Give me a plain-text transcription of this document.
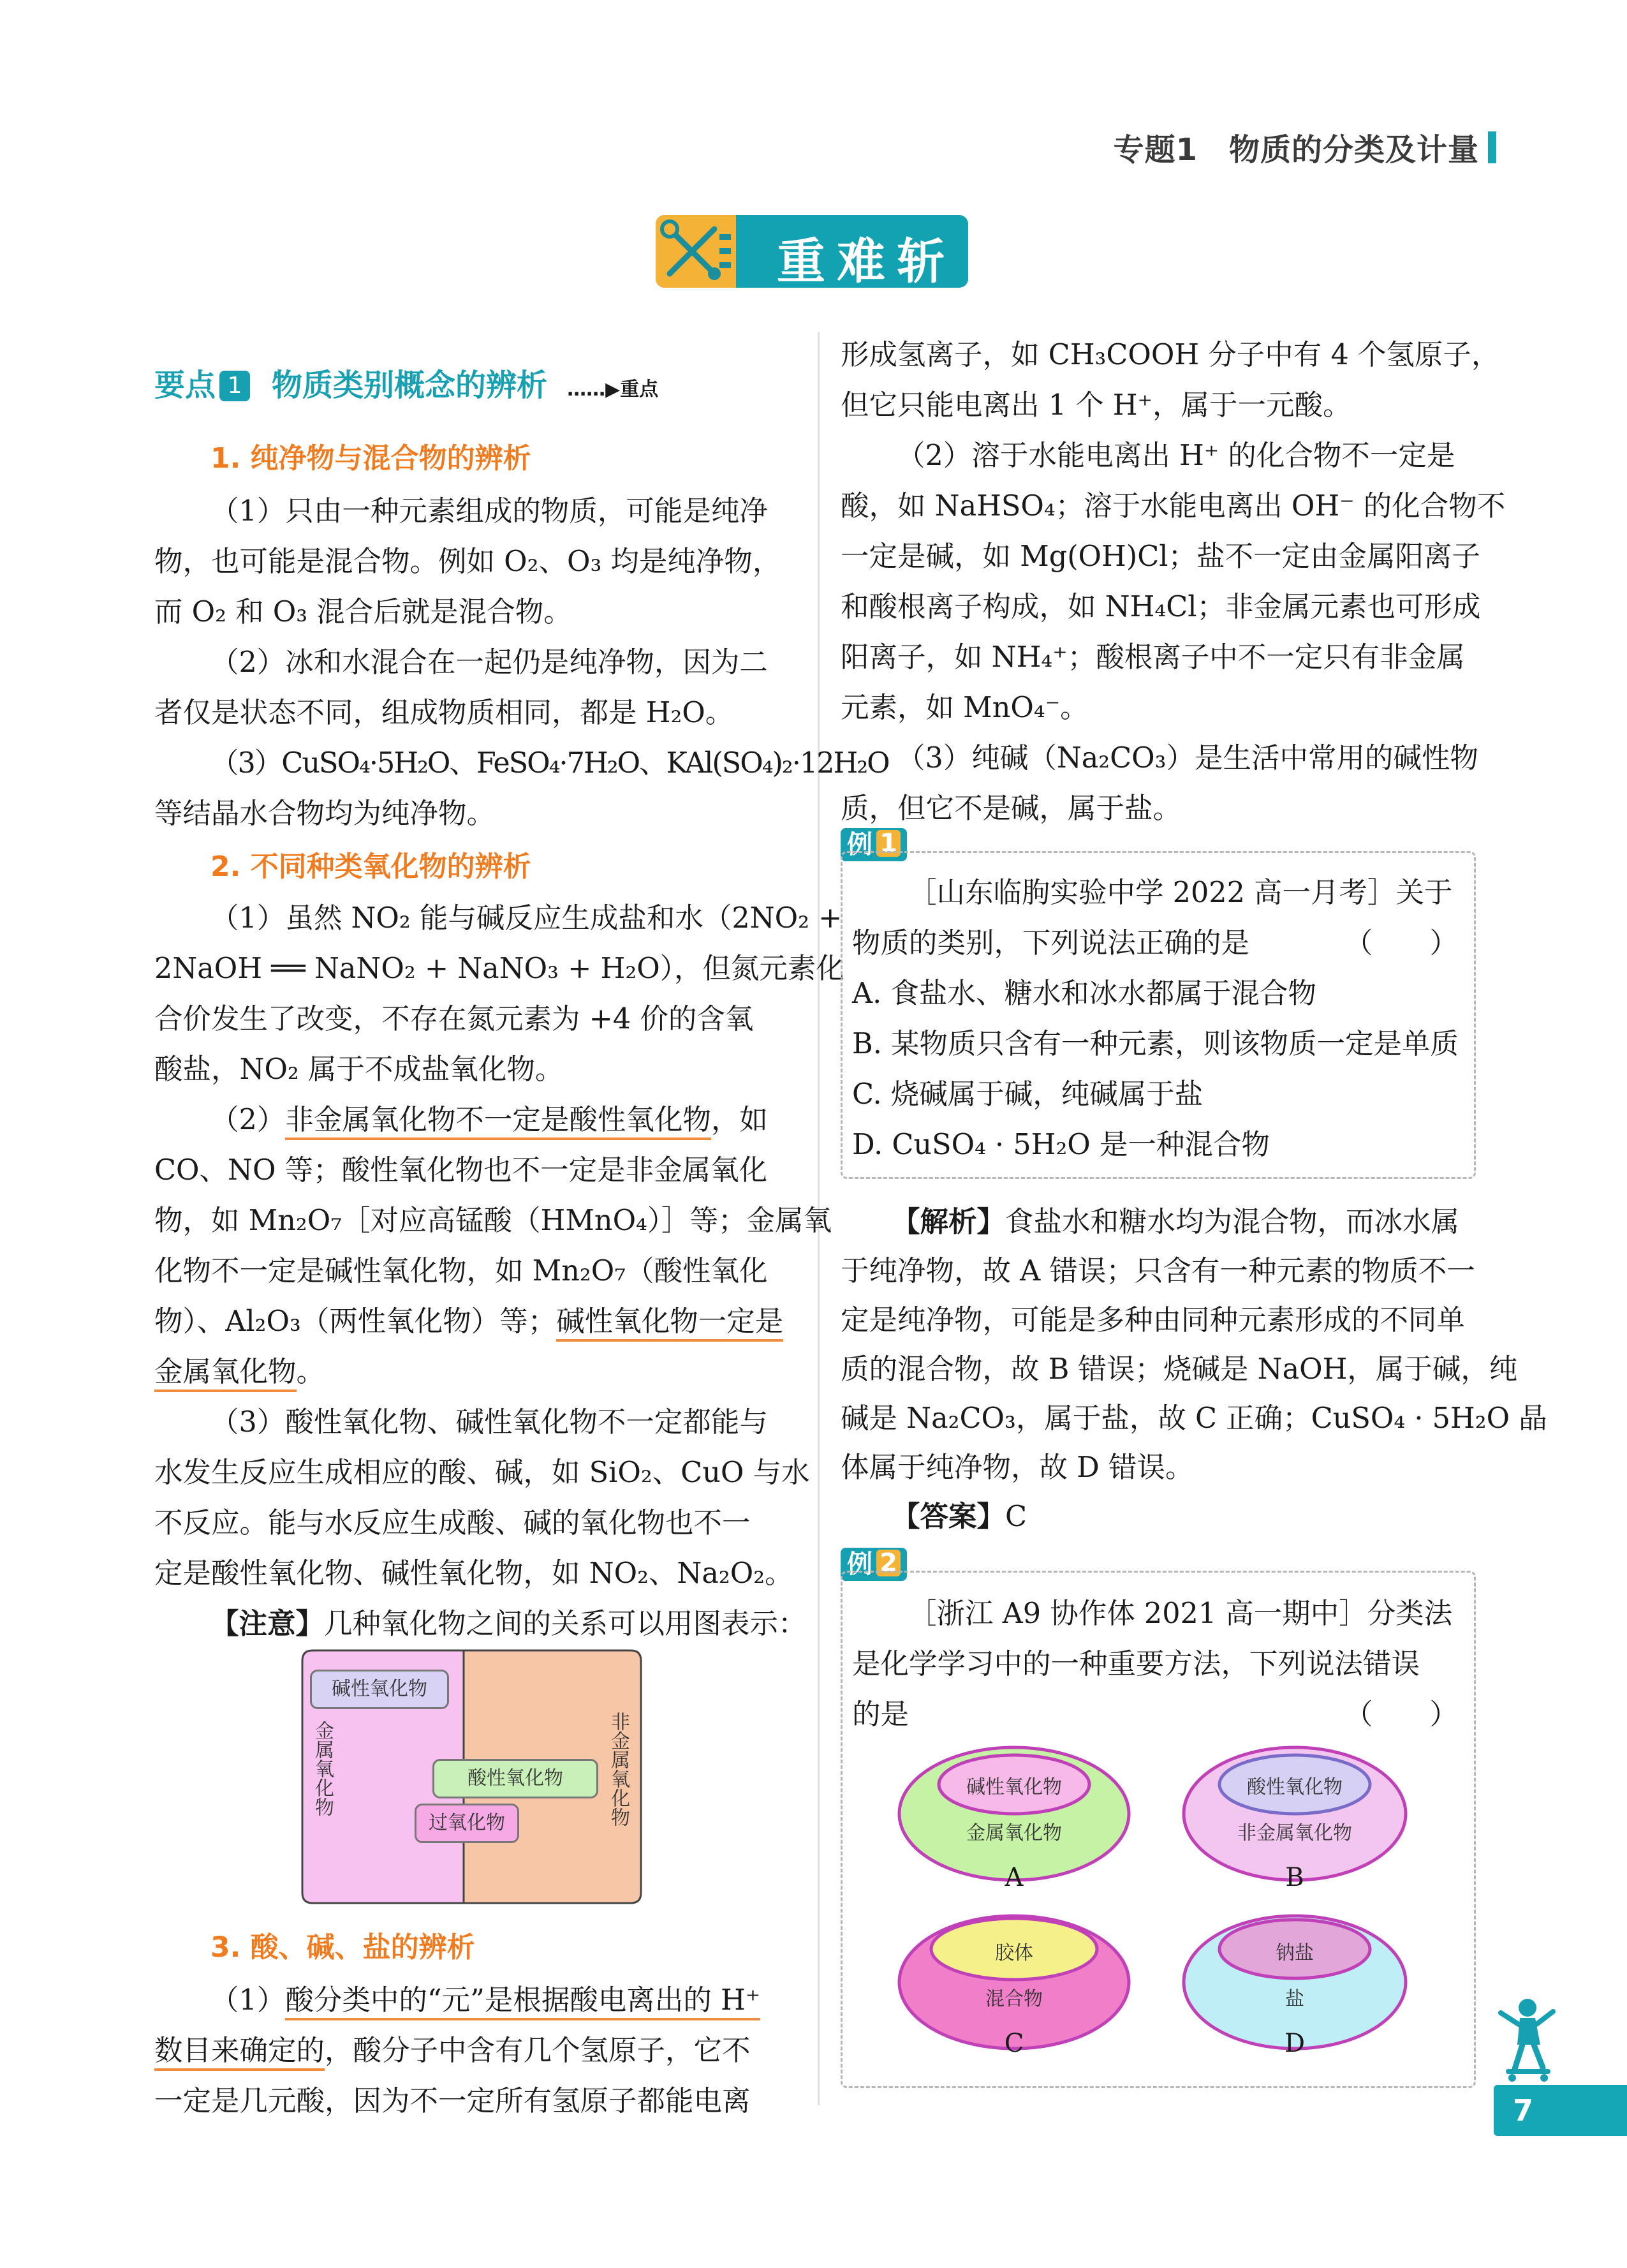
专题1　物质的分类及计量
重难斩
要点 1 物质类别概念的辨析 ……▶重点
1. 纯净物与混合物的辨析
（1）只由一种元素组成的物质，可能是纯净
物，也可能是混合物。例如 O₂、O₃ 均是纯净物，
而 O₂ 和 O₃ 混合后就是混合物。
（2）冰和水混合在一起仍是纯净物，因为二
者仅是状态不同，组成物质相同，都是 H₂O。
（3）CuSO₄·5H₂O、FeSO₄·7H₂O、KAl(SO₄)₂·12H₂O
等结晶水合物均为纯净物。
2. 不同种类氧化物的辨析
（1）虽然 NO₂ 能与碱反应生成盐和水（2NO₂ +
2NaOH ══ NaNO₂ + NaNO₃ + H₂O），但氮元素化
合价发生了改变，不存在氮元素为 +4 价的含氧
酸盐，NO₂ 属于不成盐氧化物。
（2）非金属氧化物不一定是酸性氧化物，如
CO、NO 等；酸性氧化物也不一定是非金属氧化
物，如 Mn₂O₇［对应高锰酸（HMnO₄）］等；金属氧
化物不一定是碱性氧化物，如 Mn₂O₇（酸性氧化
物）、Al₂O₃（两性氧化物）等；碱性氧化物一定是
金属氧化物。
（3）酸性氧化物、碱性氧化物不一定都能与
水发生反应生成相应的酸、碱，如 SiO₂、CuO 与水
不反应。能与水反应生成酸、碱的氧化物也不一
定是酸性氧化物、碱性氧化物，如 NO₂、Na₂O₂。
【注意】几种氧化物之间的关系可以用图表示：
碱性氧化物
酸性氧化物
过氧化物
金属氧化物	非金属氧化物
3. 酸、碱、盐的辨析
（1）酸分类中的“元”是根据酸电离出的 H⁺
数目来确定的，酸分子中含有几个氢原子，它不
一定是几元酸，因为不一定所有氢原子都能电离
形成氢离子，如 CH₃COOH 分子中有 4 个氢原子，
但它只能电离出 1 个 H⁺，属于一元酸。
（2）溶于水能电离出 H⁺ 的化合物不一定是
酸，如 NaHSO₄；溶于水能电离出 OH⁻ 的化合物不
一定是碱，如 Mg(OH)Cl；盐不一定由金属阳离子
和酸根离子构成，如 NH₄Cl；非金属元素也可形成
阳离子，如 NH₄⁺；酸根离子中不一定只有非金属
元素，如 MnO₄⁻。
（3）纯碱（Na₂CO₃）是生活中常用的碱性物
质，但它不是碱，属于盐。
例 1
［山东临朐实验中学 2022 高一月考］关于
物质的类别，下列说法正确的是	（　　）
A. 食盐水、糖水和冰水都属于混合物
B. 某物质只含有一种元素，则该物质一定是单质
C. 烧碱属于碱，纯碱属于盐
D. CuSO₄ · 5H₂O 是一种混合物
【解析】食盐水和糖水均为混合物，而冰水属
于纯净物，故 A 错误；只含有一种元素的物质不一
定是纯净物，可能是多种由同种元素形成的不同单
质的混合物，故 B 错误；烧碱是 NaOH，属于碱，纯
碱是 Na₂CO₃，属于盐，故 C 正确；CuSO₄ · 5H₂O 晶
体属于纯净物，故 D 错误。
【答案】C
例 2
［浙江 A9 协作体 2021 高一期中］分类法
是化学学习中的一种重要方法，下列说法错误
的是	（　　）
碱性氧化物
金属氧化物
A
酸性氧化物
非金属氧化物
B
胶体
混合物
C
钠盐
盐
D
7
